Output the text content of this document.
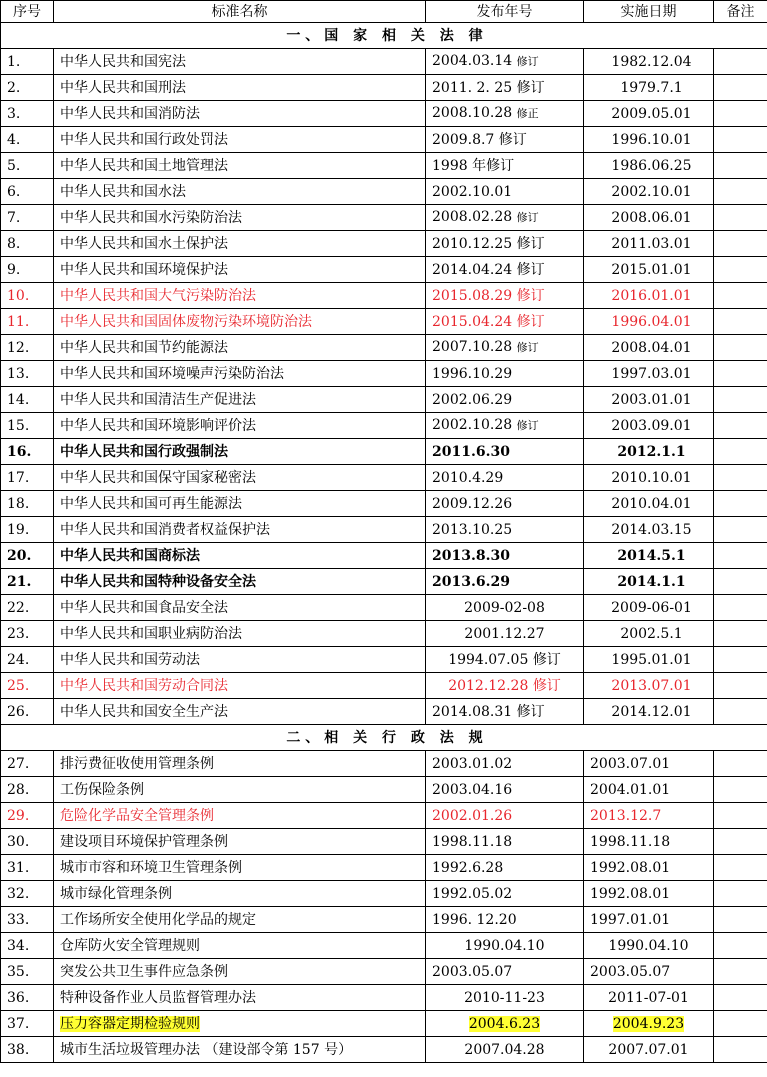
序号	标准名称	发布年号	实施日期	备注
一、国 家 相 关 法 律				
1.	中华人民共和国宪法	2004.03.14 修订	1982.12.04	
2.	中华人民共和国刑法	2011. 2. 25 修订	1979.7.1	
3.	中华人民共和国消防法	2008.10.28 修正	2009.05.01	
4.	中华人民共和国行政处罚法	2009.8.7 修订	1996.10.01	
5.	中华人民共和国土地管理法	1998 年修订	1986.06.25	
6.	中华人民共和国水法	2002.10.01	2002.10.01	
7.	中华人民共和国水污染防治法	2008.02.28 修订	2008.06.01	
8.	中华人民共和国水土保护法	2010.12.25 修订	2011.03.01	
9.	中华人民共和国环境保护法	2014.04.24 修订	2015.01.01	
10.	中华人民共和国大气污染防治法	2015.08.29 修订	2016.01.01	
11.	中华人民共和国固体废物污染环境防治法	2015.04.24 修订	1996.04.01	
12.	中华人民共和国节约能源法	2007.10.28 修订	2008.04.01	
13.	中华人民共和国环境噪声污染防治法	1996.10.29	1997.03.01	
14.	中华人民共和国清洁生产促进法	2002.06.29	2003.01.01	
15.	中华人民共和国环境影响评价法	2002.10.28 修订	2003.09.01	
16.	中华人民共和国行政强制法	2011.6.30	2012.1.1	
17.	中华人民共和国保守国家秘密法	2010.4.29	2010.10.01	
18.	中华人民共和国可再生能源法	2009.12.26	2010.04.01	
19.	中华人民共和国消费者权益保护法	2013.10.25	2014.03.15	
20.	中华人民共和国商标法	2013.8.30	2014.5.1	
21.	中华人民共和国特种设备安全法	2013.6.29	2014.1.1	
22.	中华人民共和国食品安全法	2009-02-08	2009-06-01	
23.	中华人民共和国职业病防治法	2001.12.27	2002.5.1	
24.	中华人民共和国劳动法	1994.07.05 修订	1995.01.01	
25.	中华人民共和国劳动合同法	2012.12.28 修订	2013.07.01	
26.	中华人民共和国安全生产法	2014.08.31 修订	2014.12.01	
二、相 关 行 政 法 规				
27.	排污费征收使用管理条例	2003.01.02	2003.07.01	
28.	工伤保险条例	2003.04.16	2004.01.01	
29.	危险化学品安全管理条例	2002.01.26	2013.12.7	
30.	建设项目环境保护管理条例	1998.11.18	1998.11.18	
31.	城市市容和环境卫生管理条例	1992.6.28	1992.08.01	
32.	城市绿化管理条例	1992.05.02	1992.08.01	
33.	工作场所安全使用化学品的规定	1996. 12.20	1997.01.01	
34.	仓库防火安全管理规则	1990.04.10	1990.04.10	
35.	突发公共卫生事件应急条例	2003.05.07	2003.05.07	
36.	特种设备作业人员监督管理办法	2010-11-23	2011-07-01	
37.	压力容器定期检验规则	2004.6.23	2004.9.23	
38.	城市生活垃圾管理办法 （建设部令第 157 号）	2007.04.28	2007.07.01	
